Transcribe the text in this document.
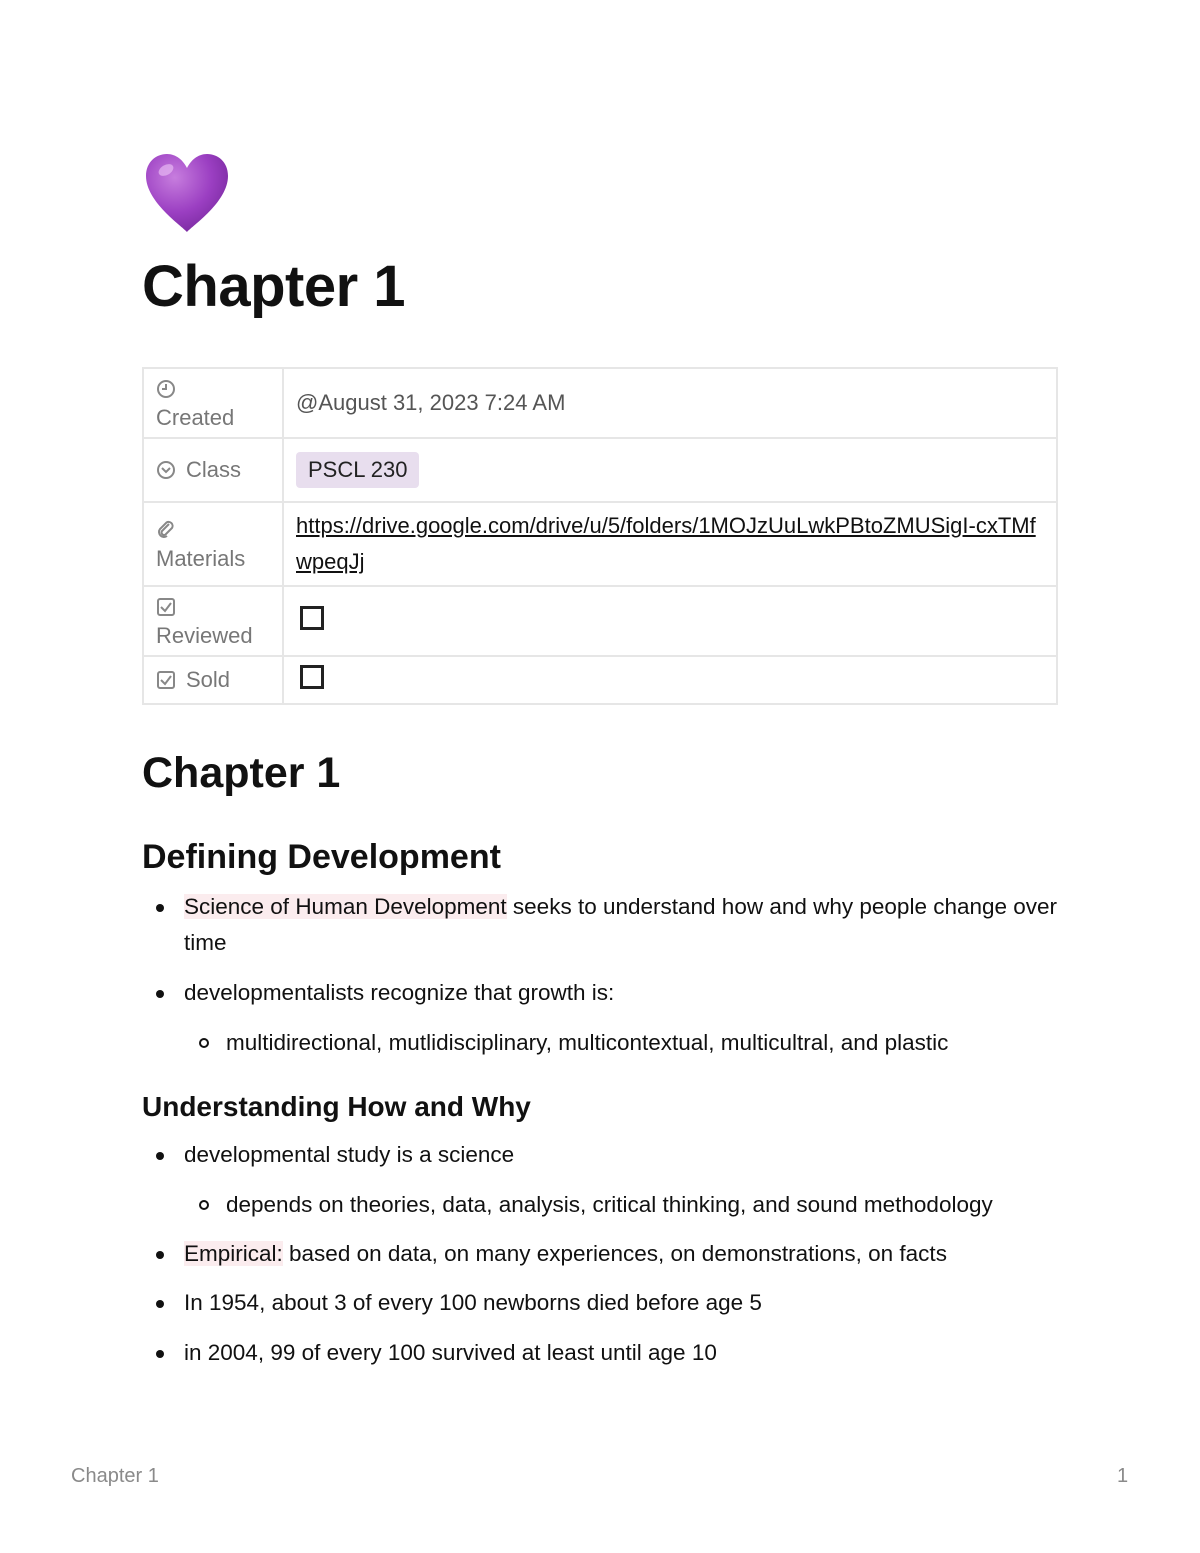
Chapter 1

Created	@August 31, 2023 7:24 AM

Class	PSCL 230

Materials	https://drive.google.com/drive/u/5/folders/1MOJzUuLwkPBtoZMUSigI-cxTMfwpeqJj

Reviewed	

Sold	

Chapter 1
Defining Development
Science of Human Development seeks to understand how and why people change over time
developmentalists recognize that growth is:
multidirectional, mutlidisciplinary, multicontextual, multicultral, and plastic
Understanding How and Why
developmental study is a science
depends on theories, data, analysis, critical thinking, and sound methodology
Empirical: based on data, on many experiences, on demonstrations, on facts
In 1954, about 3 of every 100 newborns died before age 5
in 2004, 99 of every 100 survived at least until age 10
Chapter 1	1
